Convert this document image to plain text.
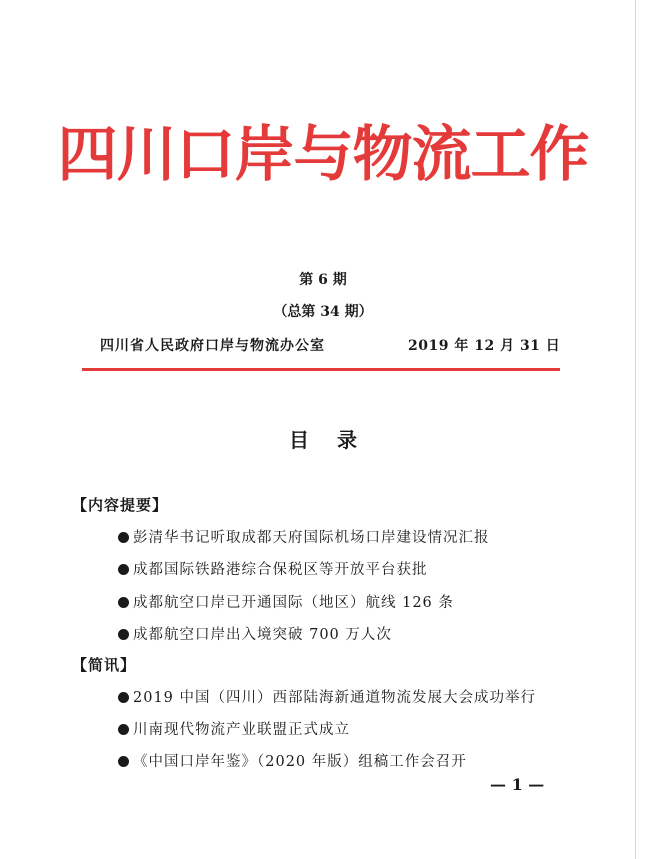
四川口岸与物流工作
第 6 期
（总第 34 期）
四川省人民政府口岸与物流办公室	2019 年 12 月 31 日
目录
【内容提要】
彭清华书记听取成都天府国际机场口岸建设情况汇报
成都国际铁路港综合保税区等开放平台获批
成都航空口岸已开通国际（地区）航线 126 条
成都航空口岸出入境突破 700 万人次
【简讯】
2019 中国（四川）西部陆海新通道物流发展大会成功举行
川南现代物流产业联盟正式成立
《中国口岸年鉴》（2020 年版）组稿工作会召开
— 1 —
